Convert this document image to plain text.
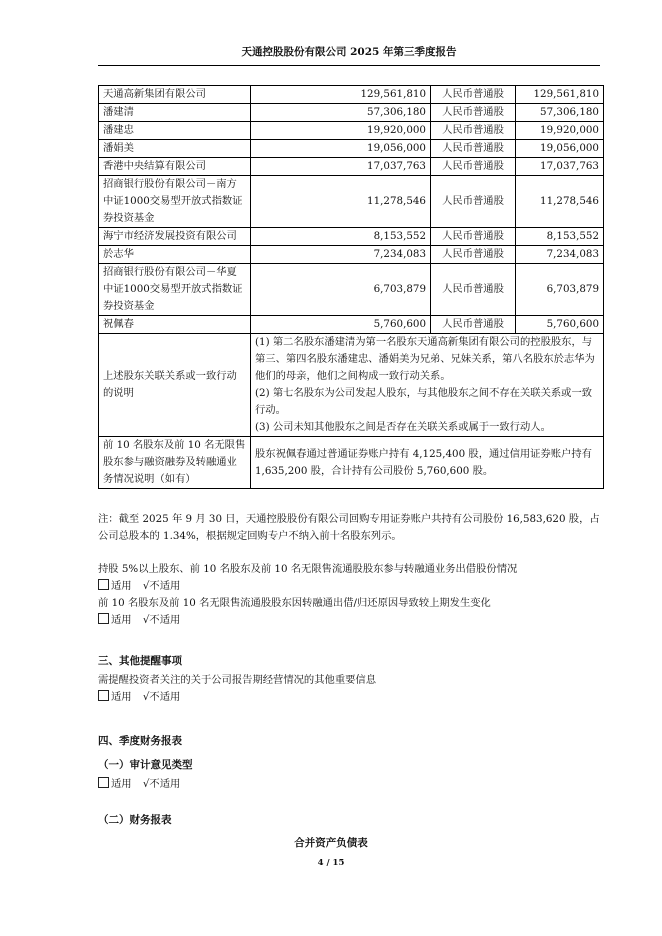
天通控股股份有限公司 2025 年第三季度报告
天通高新集团有限公司	129,561,810	人民币普通股	129,561,810
潘建清	57,306,180	人民币普通股	57,306,180
潘建忠	19,920,000	人民币普通股	19,920,000
潘娟美	19,056,000	人民币普通股	19,056,000
香港中央结算有限公司	17,037,763	人民币普通股	17,037,763
招商银行股份有限公司－南方中证1000交易型开放式指数证券投资基金	11,278,546	人民币普通股	11,278,546
海宁市经济发展投资有限公司	8,153,552	人民币普通股	8,153,552
於志华	7,234,083	人民币普通股	7,234,083
招商银行股份有限公司－华夏中证1000交易型开放式指数证券投资基金	6,703,879	人民币普通股	6,703,879
祝佩春	5,760,600	人民币普通股	5,760,600
上述股东关联关系或一致行动的说明	(1) 第二名股东潘建清为第一名股东天通高新集团有限公司的控股股东，与第三、第四名股东潘建忠、潘娟美为兄弟、兄妹关系，第八名股东於志华为他们的母亲，他们之间构成一致行动关系。
(2) 第七名股东为公司发起人股东，与其他股东之间不存在关联关系或一致行动。
(3) 公司未知其他股东之间是否存在关联关系或属于一致行动人。		

前 10 名股东及前 10 名无限售股东参与融资融券及转融通业务情况说明（如有）	股东祝佩春通过普通证券账户持有 4,125,400 股，通过信用证券账户持有 1,635,200 股，合计持有公司股份 5,760,600 股。		
注：截至 2025 年 9 月 30 日，天通控股股份有限公司回购专用证券账户共持有公司股份 16,583,620 股，占公司总股本的 1.34%，根据规定回购专户不纳入前十名股东列示。
持股 5%以上股东、前 10 名股东及前 10 名无限售流通股股东参与转融通业务出借股份情况
适用 √不适用
前 10 名股东及前 10 名无限售流通股股东因转融通出借/归还原因导致较上期发生变化
适用 √不适用
三、其他提醒事项
需提醒投资者关注的关于公司报告期经营情况的其他重要信息
适用 √不适用
四、季度财务报表
（一）审计意见类型
适用 √不适用
（二）财务报表
合并资产负债表
4 / 15
